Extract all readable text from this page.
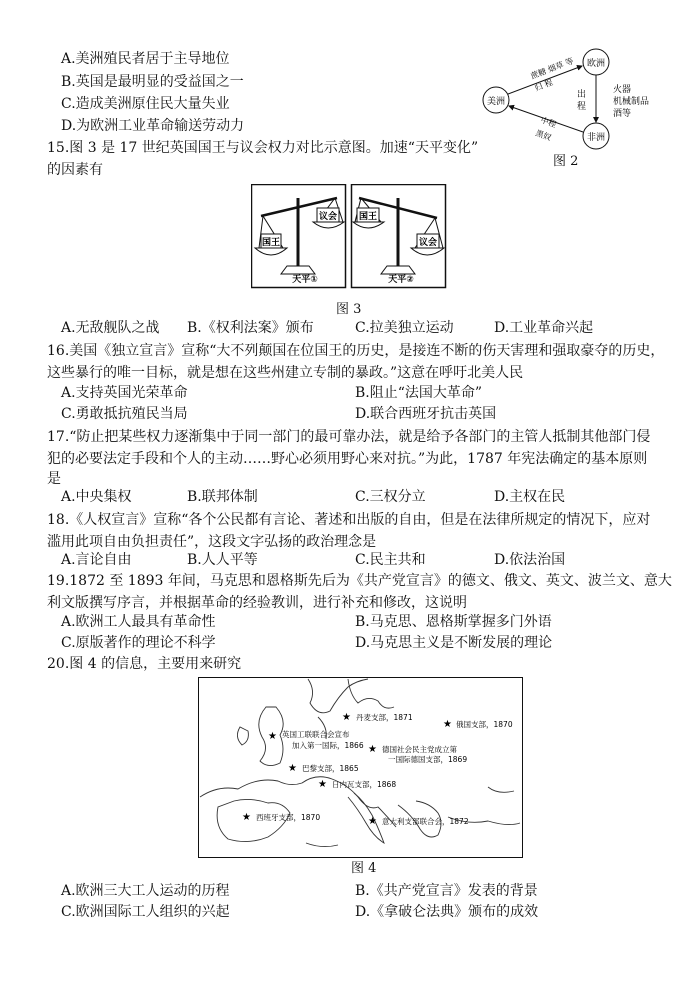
A.美洲殖民者居于主导地位
B.英国是最明显的受益国之一
C.造成美洲原住民大量失业
D.为欧洲工业革命输送劳动力
美洲
欧洲
非洲
蔗糖 烟草 等
归 程
出 程	火器
机械制品
酒等
中程
黑奴
图 2
15.图 3 是 17 世纪英国国王与议会权力对比示意图。加速“天平变化”
的因素有
国王
议会
天平①
国王
议会
天平②
图 3
A.无敌舰队之战 B.《权利法案》颁布	C.拉美独立运动	D.工业革命兴起
16.美国《独立宣言》宣称“大不列颠国在位国王的历史，是接连不断的伤天害理和强取豪夺的历史，
这些暴行的唯一目标，就是想在这些州建立专制的暴政。”这意在呼吁北美人民
A.支持英国光荣革命	B.阻止“法国大革命”
C.勇敢抵抗殖民当局	D.联合西班牙抗击英国
17.“防止把某些权力逐渐集中于同一部门的最可靠办法，就是给予各部门的主管人抵制其他部门侵
犯的必要法定手段和个人的主动……野心必须用野心来对抗。”为此，1787 年宪法确定的基本原则
是
A.中央集权	B.联邦体制	C.三权分立	D.主权在民
18.《人权宣言》宣称“各个公民都有言论、著述和出版的自由，但是在法律所规定的情况下，应对
滥用此项自由负担责任”，这段文字弘扬的政治理念是
A.言论自由	B.人人平等	C.民主共和	D.依法治国
19.1872 至 1893 年间，马克思和恩格斯先后为《共产党宣言》的德文、俄文、英文、波兰文、意大
利文版撰写序言，并根据革命的经验教训，进行补充和修改，这说明
A.欧洲工人最具有革命性	B.马克思、恩格斯掌握多门外语
C.原版著作的理论不科学	D.马克思主义是不断发展的理论
20.图 4 的信息，主要用来研究
★ 丹麦支部，1871
★ 俄国支部，1870
★ 英国工联联合会宣布
加入第一国际，1866 ★ 德国社会民主党成立第
一国际德国支部，1869
★ 巴黎支部，1865
★ 日内瓦支部，1868
★ 西班牙支部，1870	★ 意大利支部联合会，1872
图 4
A.欧洲三大工人运动的历程	B.《共产党宣言》发表的背景
C.欧洲国际工人组织的兴起	D.《拿破仑法典》颁布的成效
